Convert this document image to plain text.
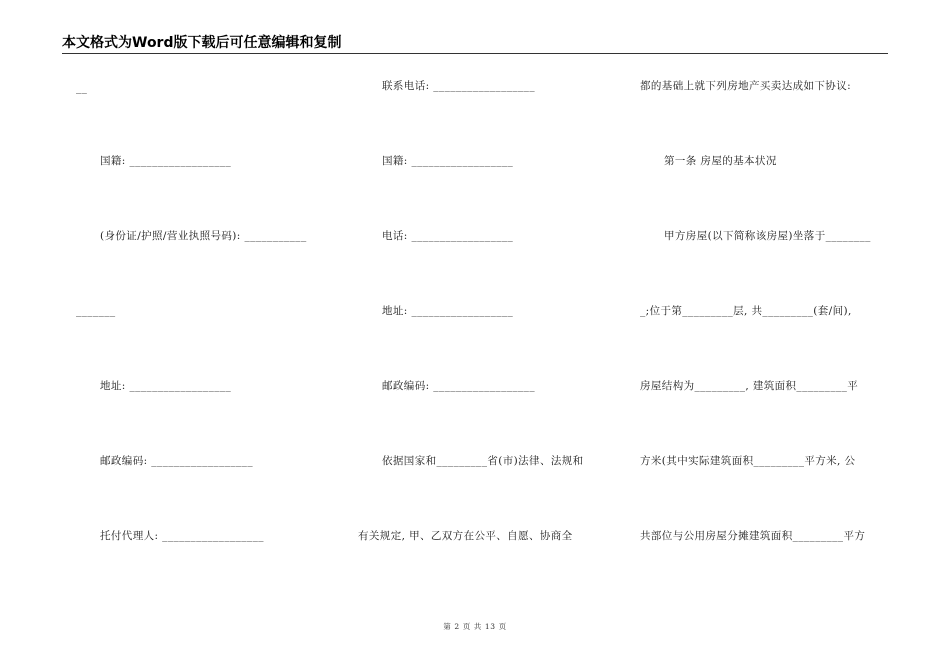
本文格式为Word版下载后可任意编辑和复制
__
国籍: __________________
(身份证/护照/营业执照号码): ___________
_______
地址: __________________
邮政编码: __________________
托付代理人: __________________
联系电话: __________________
国籍: __________________
电话: __________________
地址: __________________
邮政编码: __________________
依据国家和_________省(市)法律、法规和
有关规定, 甲、乙双方在公平、自愿、协商全
都的基础上就下列房地产买卖达成如下协议:
第一条 房屋的基本状况
甲方房屋(以下简称该房屋)坐落于________
_;位于第_________层, 共_________(套/间),
房屋结构为_________, 建筑面积_________平
方米(其中实际建筑面积_________平方米, 公
共部位与公用房屋分摊建筑面积_________平方
第 2 页 共 13 页
